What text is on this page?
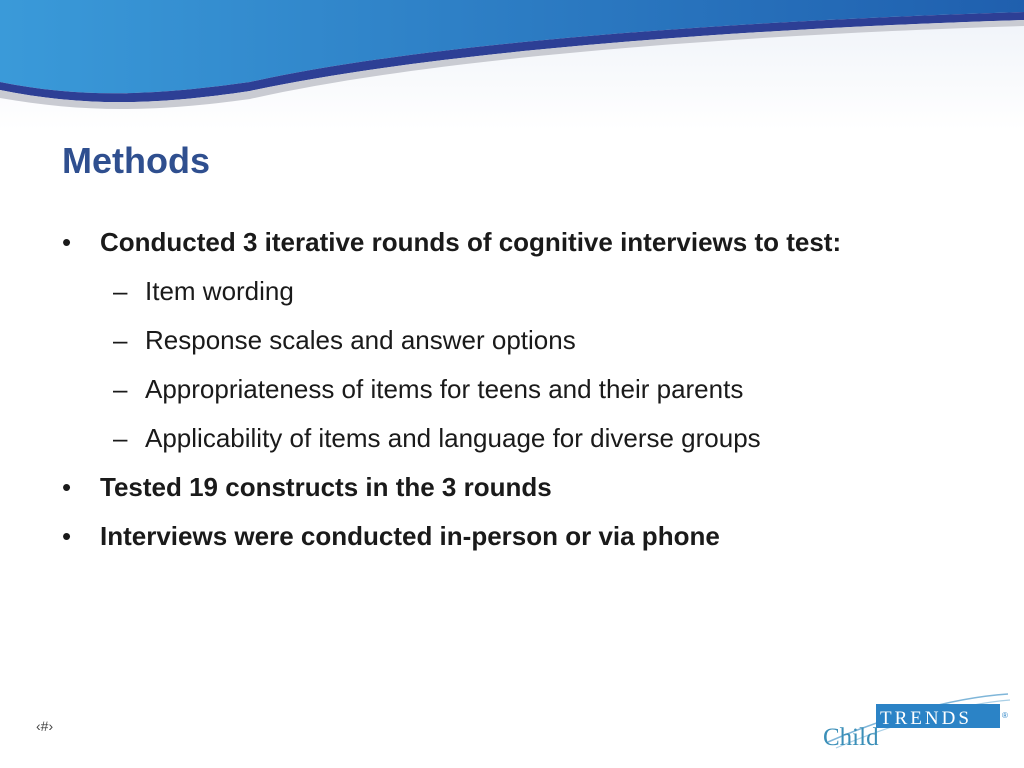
Methods
• Conducted 3 iterative rounds of cognitive interviews to test:
– Item wording
– Response scales and answer options
– Appropriateness of items for teens and their parents
– Applicability of items and language for diverse groups
• Tested 19 constructs in the 3 rounds
• Interviews were conducted in-person or via phone
‹#›	Child
TRENDS	®
